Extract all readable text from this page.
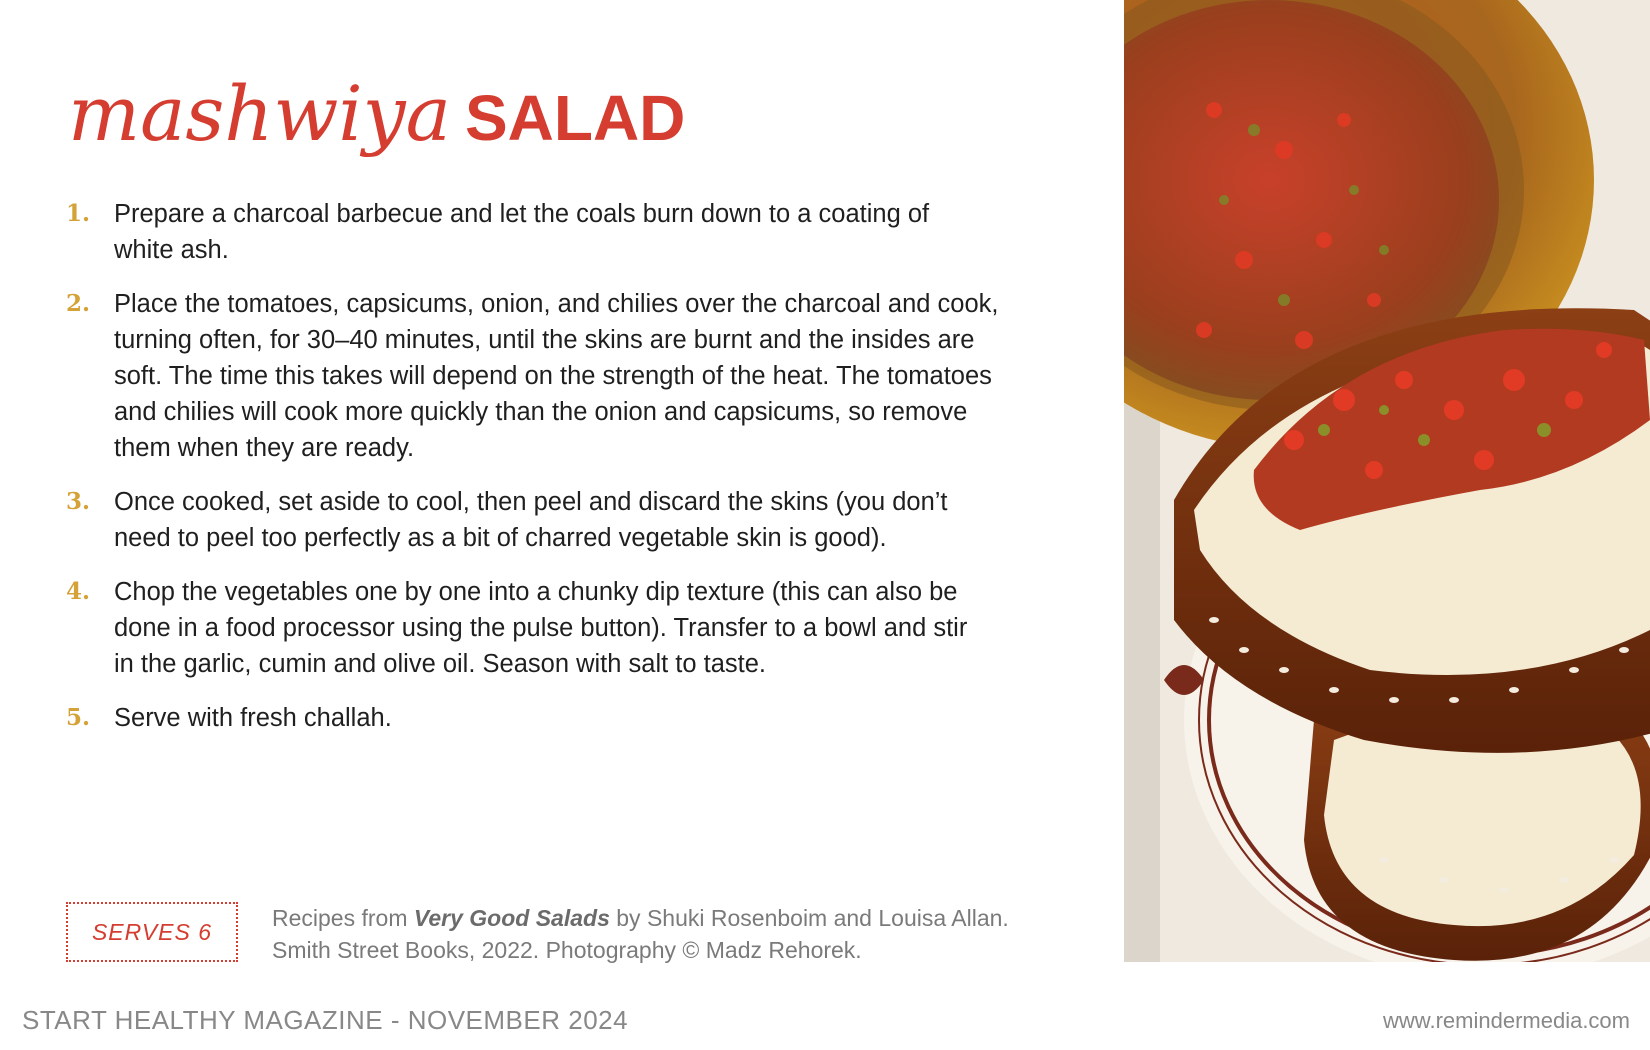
mashwiya SALAD
1. Prepare a charcoal barbecue and let the coals burn down to a coating of white ash.
2. Place the tomatoes, capsicums, onion, and chilies over the charcoal and cook, turning often, for 30–40 minutes, until the skins are burnt and the insides are soft. The time this takes will depend on the strength of the heat. The tomatoes and chilies will cook more quickly than the onion and capsicums, so remove them when they are ready.
3. Once cooked, set aside to cool, then peel and discard the skins (you don’t need to peel too perfectly as a bit of charred vegetable skin is good).
4. Chop the vegetables one by one into a chunky dip texture (this can also be done in a food processor using the pulse button). Transfer to a bowl and stir in the garlic, cumin and olive oil. Season with salt to taste.
5. Serve with fresh challah.
SERVES 6
Recipes from Very Good Salads by Shuki Rosenboim and Louisa Allan.
Smith Street Books, 2022. Photography © Madz Rehorek.
START HEALTHY MAGAZINE - NOVEMBER 2024	www.remindermedia.com
